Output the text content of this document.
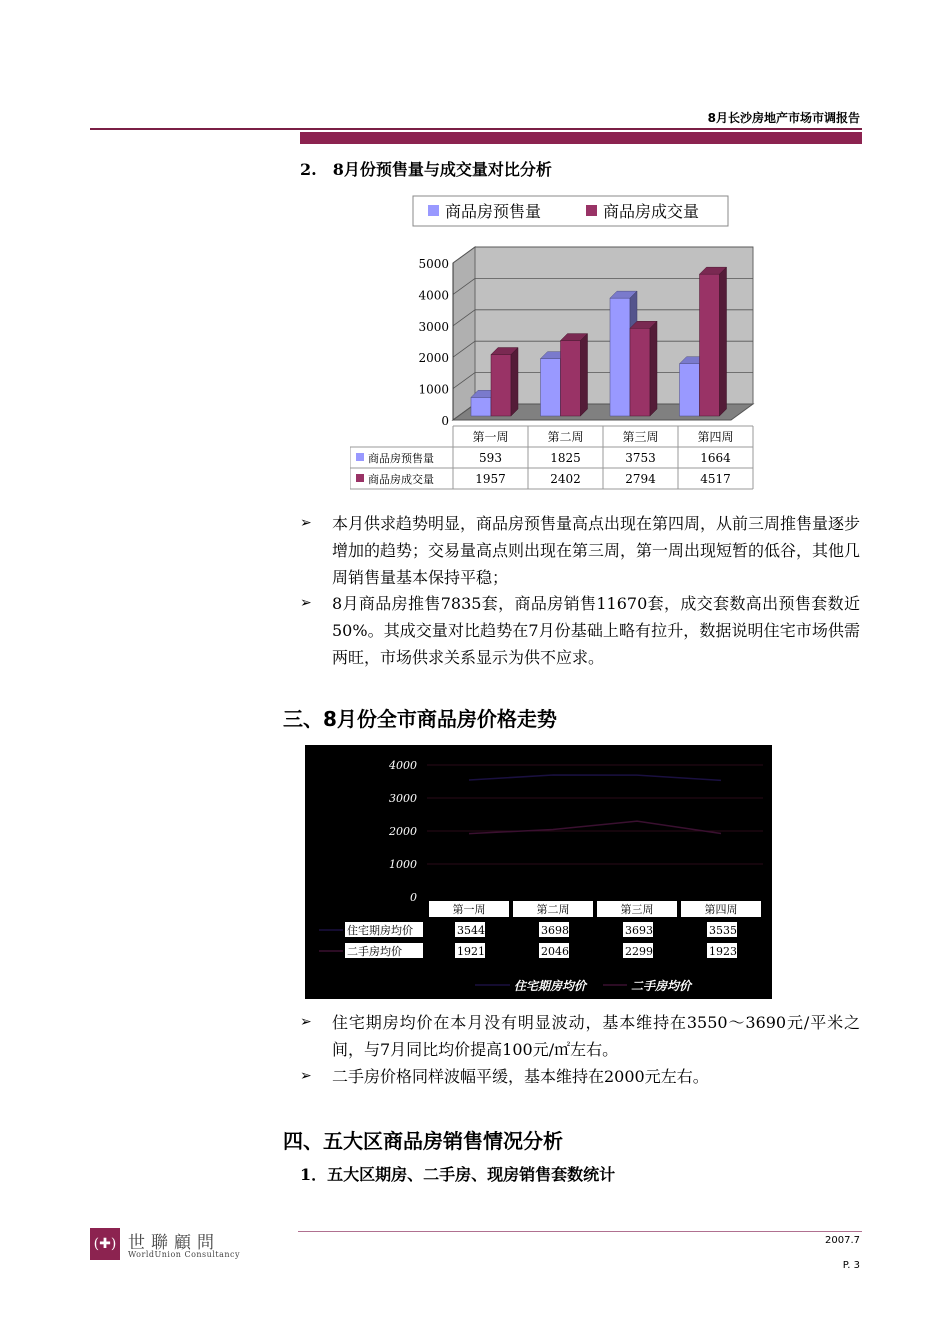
8月长沙房地产市场市调报告
2.　8月份预售量与成交量对比分析
商品房预售量	商品房成交量
0
1000
2000
3000
4000
5000
第一周	第二周	第三周	第四周
商品房预售量	593	1825	3753	1664
商品房成交量	1957	2402	2794	4517
➢ 本月供求趋势明显，商品房预售量高点出现在第四周，从前三周推售量逐步增加的趋势；交易量高点则出现在第三周，第一周出现短暂的低谷，其他几周销售量基本保持平稳；
➢ 8月商品房推售7835套，商品房销售11670套，成交套数高出预售套数近50%。其成交量对比趋势在7月份基础上略有拉升，数据说明住宅市场供需两旺，市场供求关系显示为供不应求。
三、8月份全市商品房价格走势
0
1000
2000
3000
4000
第一周	第二周	第三周	第四周
住宅期房均价	3544	3698	3693	3535
二手房均价	1921	2046	2299	1923
住宅期房均价	二手房均价
➢ 住宅期房均价在本月没有明显波动，基本维持在3550～3690元/平米之间，与7月同比均价提高100元/㎡左右。
➢ 二手房价格同样波幅平缓，基本维持在2000元左右。
四、五大区商品房销售情况分析
1．五大区期房、二手房、现房销售套数统计
(✚) 世聯顧問
WorldUnion Consultancy
2007.7
P. 3
